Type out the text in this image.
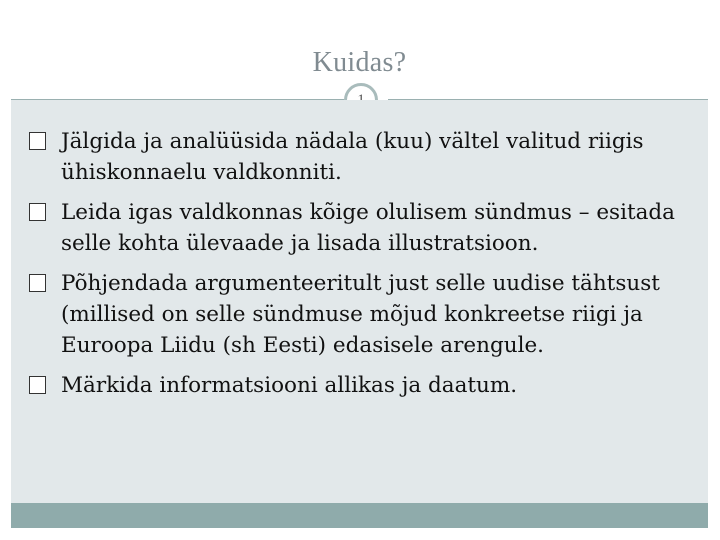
Kuidas?
Jälgida ja analüüsida nädala (kuu) vältel valitud riigis ühiskonnaelu valdkonniti.
Leida igas valdkonnas kõige olulisem sündmus – esitada selle kohta ülevaade ja lisada illustratsioon.
Põhjendada argumenteeritult just selle uudise tähtsust (millised on selle sündmuse mõjud konkreetse riigi ja Euroopa Liidu (sh Eesti) edasisele arengule.
Märkida informatsiooni allikas ja daatum.
